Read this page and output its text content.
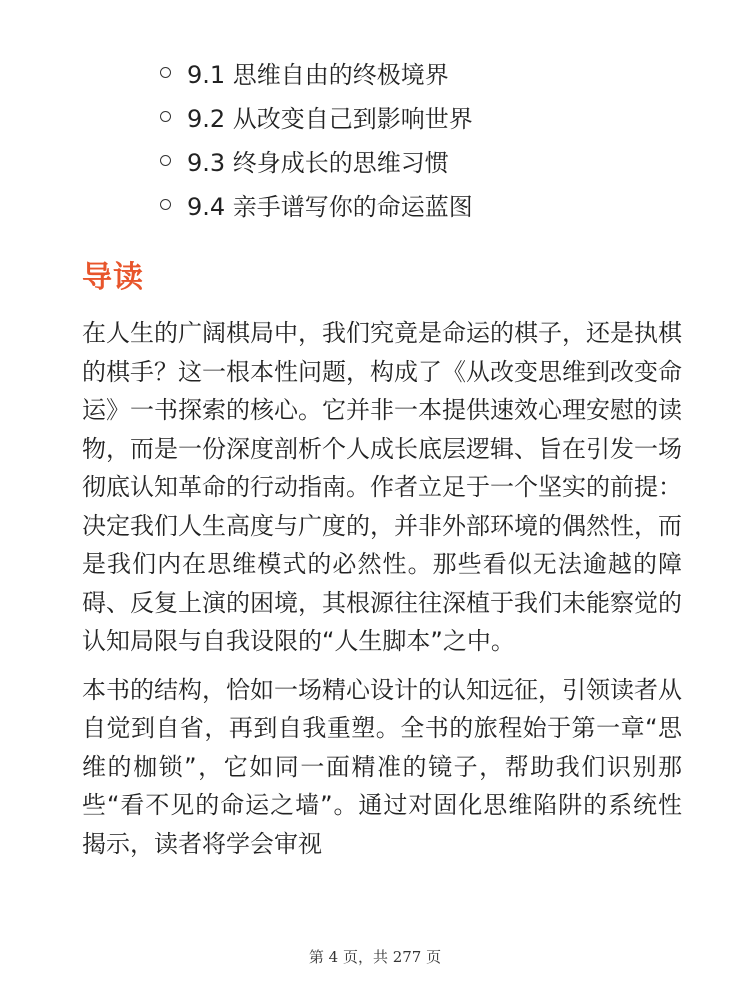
9.1 思维自由的终极境界
9.2 从改变自己到影响世界
9.3 终身成长的思维习惯
9.4 亲手谱写你的命运蓝图
导读

在人生的广阔棋局中，我们究竟是命运的棋子，还是执棋的棋手？这一根本性问题，构成了《从改变思维到改变命运》一书探索的核心。它并非一本提供速效心理安慰的读物，而是一份深度剖析个人成长底层逻辑、旨在引发一场彻底认知革命的行动指南。作者立足于一个坚实的前提：决定我们人生高度与广度的，并非外部环境的偶然性，而是我们内在思维模式的必然性。那些看似无法逾越的障碍、反复上演的困境，其根源往往深植于我们未能察觉的认知局限与自我设限的“人生脚本”之中。

本书的结构，恰如一场精心设计的认知远征，引领读者从自觉到自省，再到自我重塑。全书的旅程始于第一章“思维的枷锁”，它如同一面精准的镜子，帮助我们识别那些“看不见的命运之墙”。通过对固化思维陷阱的系统性揭示，读者将学会审视

第 4 页，共 277 页
